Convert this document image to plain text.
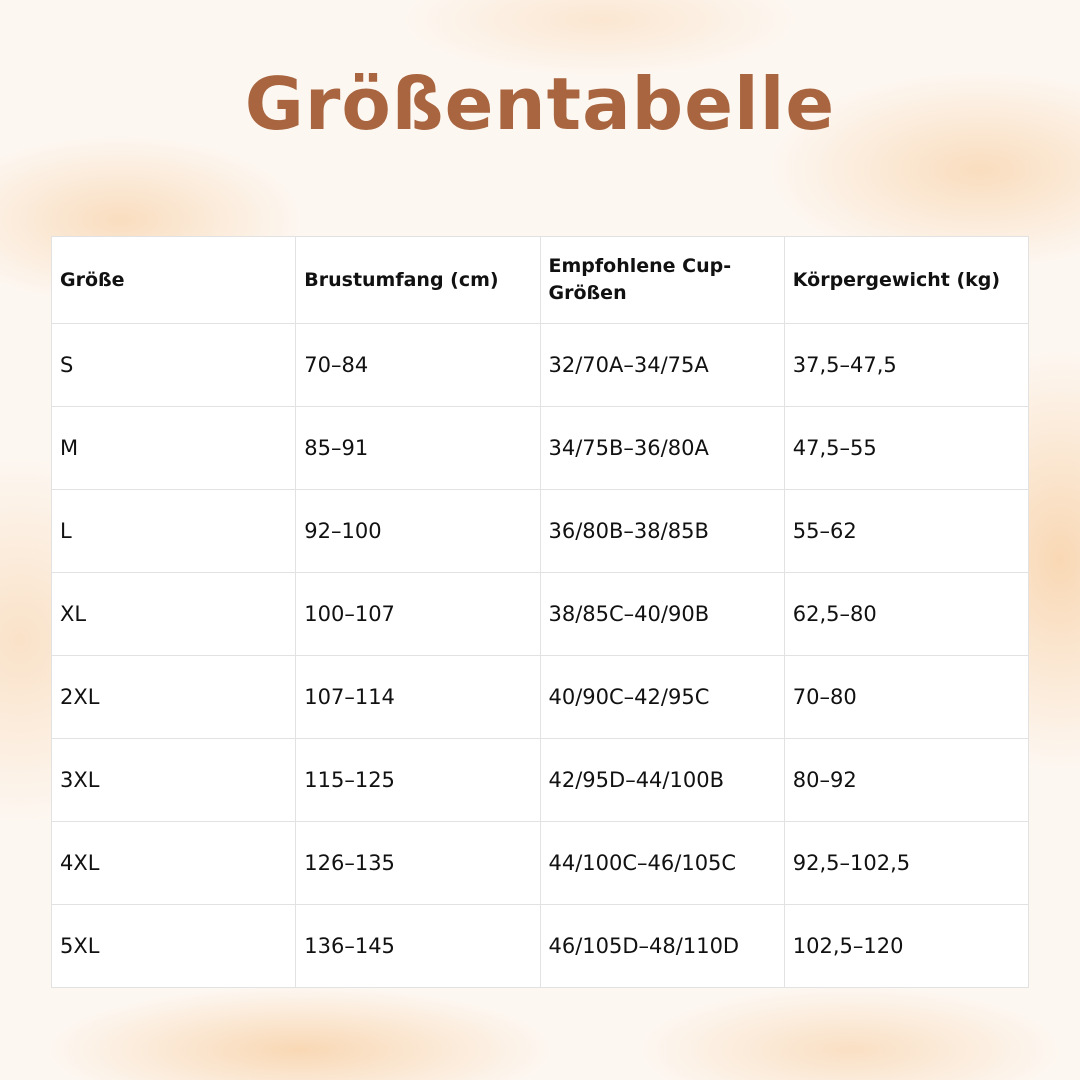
Größentabelle
Größe	Brustumfang (cm)	Empfohlene Cup-Größen	Körpergewicht (kg)
S	70–84	32/70A–34/75A	37,5–47,5
M	85–91	34/75B–36/80A	47,5–55
L	92–100	36/80B–38/85B	55–62
XL	100–107	38/85C–40/90B	62,5–80
2XL	107–114	40/90C–42/95C	70–80
3XL	115–125	42/95D–44/100B	80–92
4XL	126–135	44/100C–46/105C	92,5–102,5
5XL	136–145	46/105D–48/110D	102,5–120
